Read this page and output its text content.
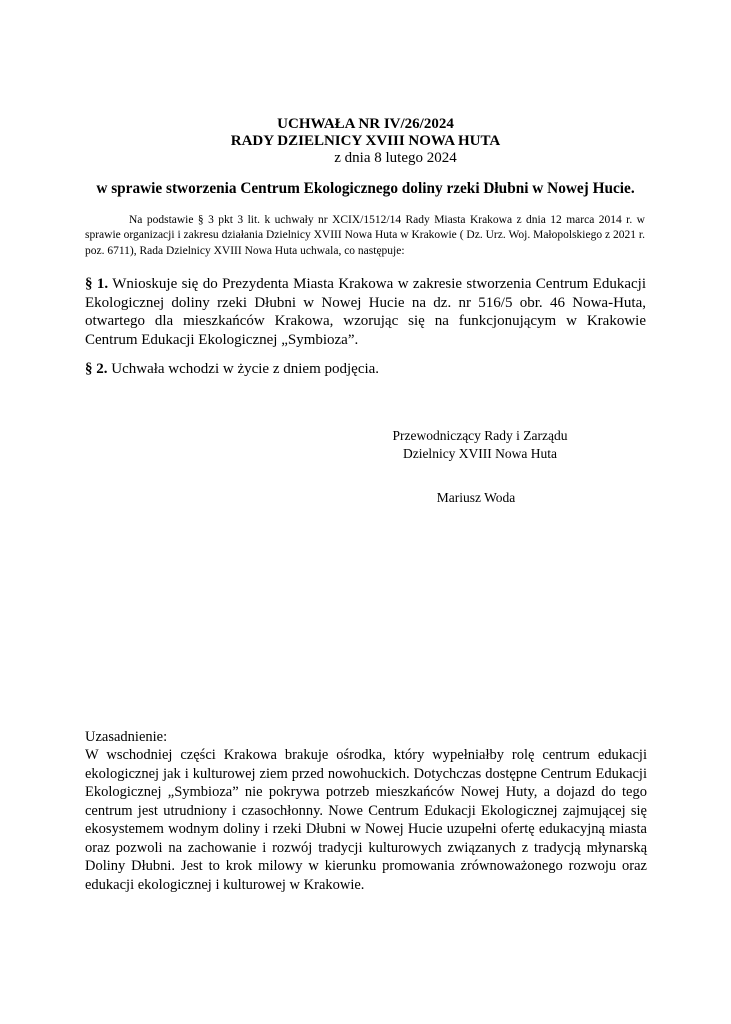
UCHWAŁA NR IV/26/2024
RADY DZIELNICY XVIII NOWA HUTA
z dnia 8 lutego 2024
w sprawie stworzenia Centrum Ekologicznego doliny rzeki Dłubni w Nowej Hucie.
Na podstawie § 3 pkt 3 lit. k uchwały nr XCIX/1512/14 Rady Miasta Krakowa z dnia 12 marca 2014 r. w sprawie organizacji i zakresu działania Dzielnicy XVIII Nowa Huta w Krakowie ( Dz. Urz. Woj. Małopolskiego z 2021 r. poz. 6711), Rada Dzielnicy XVIII Nowa Huta uchwala, co następuje:
§ 1. Wnioskuje się do Prezydenta Miasta Krakowa w zakresie stworzenia Centrum Edukacji Ekologicznej doliny rzeki Dłubni w Nowej Hucie na dz. nr 516/5 obr. 46 Nowa-Huta, otwartego dla mieszkańców Krakowa, wzorując się na funkcjonującym w Krakowie Centrum Edukacji Ekologicznej „Symbioza”.
§ 2. Uchwała wchodzi w życie z dniem podjęcia.
Przewodniczący Rady i Zarządu
Dzielnicy XVIII Nowa Huta
Mariusz Woda
Uzasadnienie:
W wschodniej części Krakowa brakuje ośrodka, który wypełniałby rolę centrum edukacji ekologicznej jak i kulturowej ziem przed nowohuckich. Dotychczas dostępne Centrum Edukacji Ekologicznej „Symbioza” nie pokrywa potrzeb mieszkańców Nowej Huty, a dojazd do tego centrum jest utrudniony i czasochłonny. Nowe Centrum Edukacji Ekologicznej zajmującej się ekosystemem wodnym doliny i rzeki Dłubni w Nowej Hucie uzupełni ofertę edukacyjną miasta oraz pozwoli na zachowanie i rozwój tradycji kulturowych związanych z tradycją młynarską Doliny Dłubni. Jest to krok milowy w kierunku promowania zrównoważonego rozwoju oraz edukacji ekologicznej i kulturowej w Krakowie.
